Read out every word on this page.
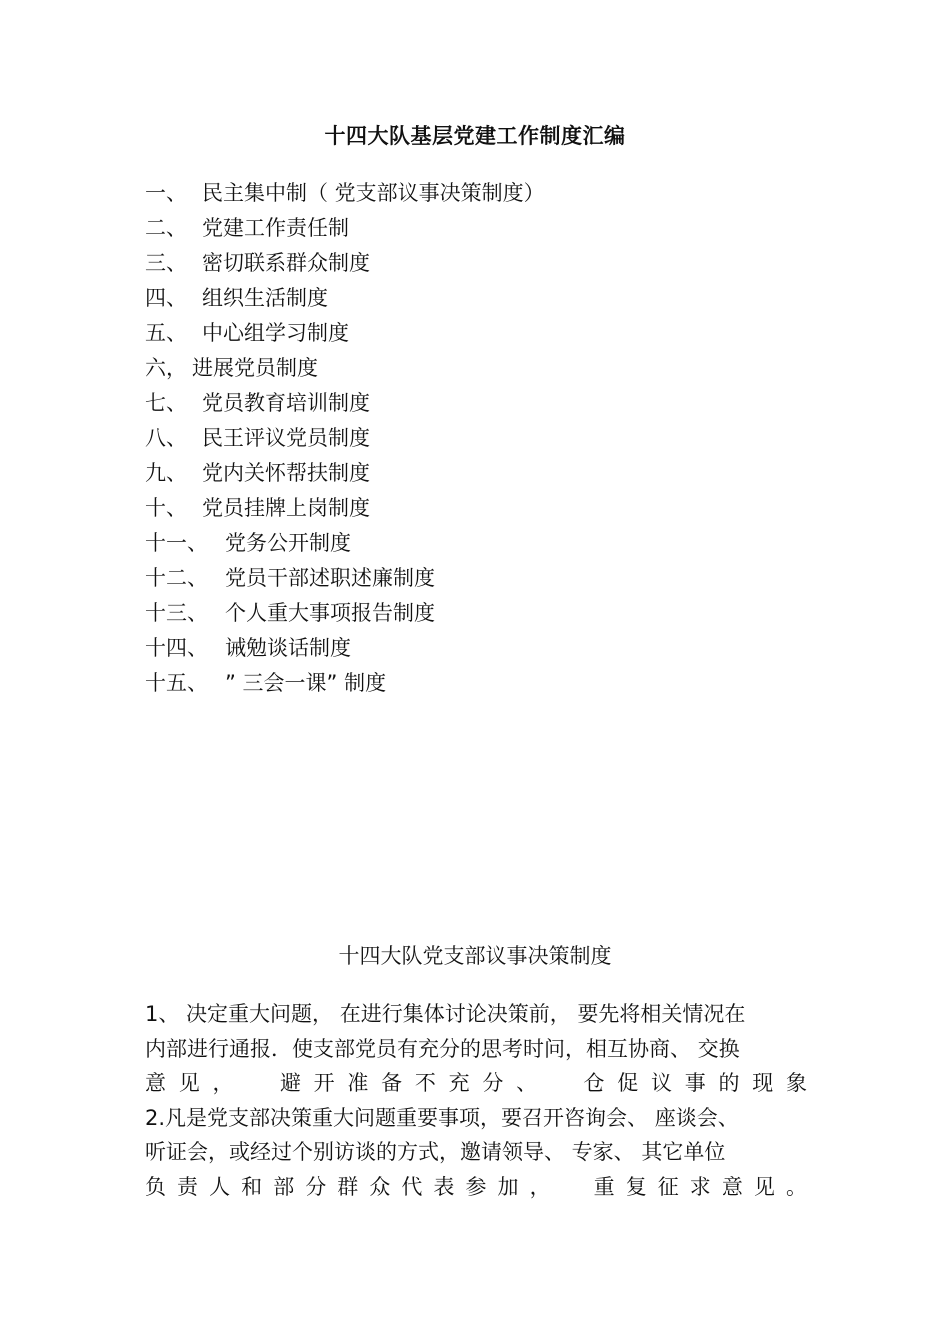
十四大队基层党建工作制度汇编
一、 民主集中制（ 党支部议事决策制度）
二、 党建工作责任制
三、 密切联系群众制度
四、 组织生活制度
五、 中心组学习制度
六， 进展党员制度
七、 党员教育培训制度
八、 民王评议党员制度
九、 党内关怀帮扶制度
十、 党员挂牌上岗制度
十一、 党务公开制度
十二、 党员干部述职述廉制度
十三、 个人重大事项报告制度
十四、 诫勉谈话制度
十五、 ” 三会一课” 制度
十四大队党支部议事决策制度
1、 决定重大问题， 在进行集体讨论决策前， 要先将相关情况在
内部进行通报．使支部党员有充分的思考时问，相互协商、 交换
意 见 ，
　 避 开 准 备 不 充 分 、
　 仓 促 议 事 的 现 象
2.凡是党支部决策重大问题重要事项，要召开咨询会、 座谈会、
听证会，或经过个别访谈的方式，邀请领导、 专家、 其它单位
负 责 人 和 部 分 群 众 代 表 参 加 ，
　 重 复 征 求 意 见 。
